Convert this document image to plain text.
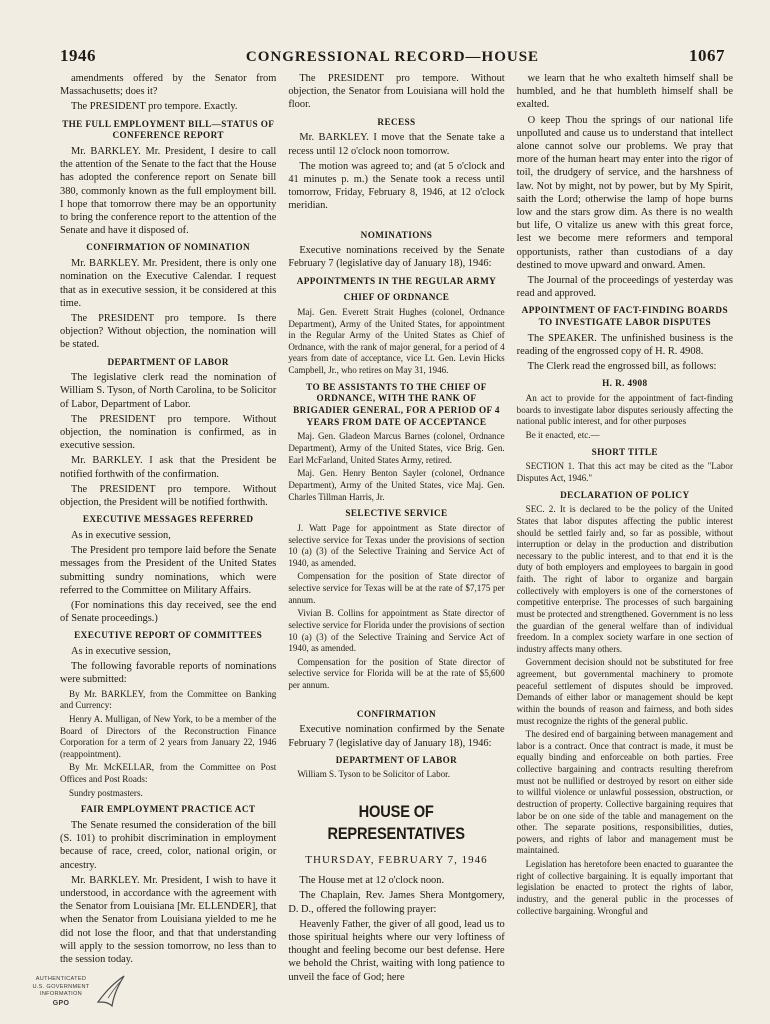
1946	CONGRESSIONAL RECORD—HOUSE	1067

amendments offered by the Senator from Massachusetts; does it?

The PRESIDENT pro tempore. Exactly.

THE FULL EMPLOYMENT BILL—STATUS OF CONFERENCE REPORT

Mr. BARKLEY. Mr. President, I desire to call the attention of the Senate to the fact that the House has adopted the conference report on Senate bill 380, commonly known as the full employment bill. I hope that tomorrow there may be an opportunity to bring the conference report to the attention of the Senate and have it disposed of.

CONFIRMATION OF NOMINATION

Mr. BARKLEY. Mr. President, there is only one nomination on the Executive Calendar. I request that as in executive session, it be considered at this time.

The PRESIDENT pro tempore. Is there objection? Without objection, the nomination will be stated.

DEPARTMENT OF LABOR

The legislative clerk read the nomination of William S. Tyson, of North Carolina, to be Solicitor of Labor, Department of Labor.

The PRESIDENT pro tempore. Without objection, the nomination is confirmed, as in executive session.

Mr. BARKLEY. I ask that the President be notified forthwith of the confirmation.

The PRESIDENT pro tempore. Without objection, the President will be notified forthwith.

EXECUTIVE MESSAGES REFERRED

As in executive session,

The President pro tempore laid before the Senate messages from the President of the United States submitting sundry nominations, which were referred to the Committee on Military Affairs.

(For nominations this day received, see the end of Senate proceedings.)

EXECUTIVE REPORT OF COMMITTEES

As in executive session,

The following favorable reports of nominations were submitted:

By Mr. BARKLEY, from the Committee on Banking and Currency:

Henry A. Mulligan, of New York, to be a member of the Board of Directors of the Reconstruction Finance Corporation for a term of 2 years from January 22, 1946 (reappointment).

By Mr. McKELLAR, from the Committee on Post Offices and Post Roads:

Sundry postmasters.

FAIR EMPLOYMENT PRACTICE ACT

The Senate resumed the consideration of the bill (S. 101) to prohibit discrimination in employment because of race, creed, color, national origin, or ancestry.

Mr. BARKLEY. Mr. President, I wish to have it understood, in accordance with the agreement with the Senator from Louisiana [Mr. ELLENDER], that when the Senator from Louisiana yielded to me he did not lose the floor, and that that understanding will apply to the session tomorrow, no less than to the session today.

The PRESIDENT pro tempore. Without objection, the Senator from Louisiana will hold the floor.

RECESS

Mr. BARKLEY. I move that the Senate take a recess until 12 o'clock noon tomorrow.

The motion was agreed to; and (at 5 o'clock and 41 minutes p. m.) the Senate took a recess until tomorrow, Friday, February 8, 1946, at 12 o'clock meridian.

NOMINATIONS

Executive nominations received by the Senate February 7 (legislative day of January 18), 1946:

APPOINTMENTS IN THE REGULAR ARMY
CHIEF OF ORDNANCE

Maj. Gen. Everett Strait Hughes (colonel, Ordnance Department), Army of the United States, for appointment in the Regular Army of the United States as Chief of Ordnance, with the rank of major general, for a period of 4 years from date of acceptance, vice Lt. Gen. Levin Hicks Campbell, Jr., who retires on May 31, 1946.

TO BE ASSISTANTS TO THE CHIEF OF ORDNANCE, WITH THE RANK OF BRIGADIER GENERAL, FOR A PERIOD OF 4 YEARS FROM DATE OF ACCEPTANCE

Maj. Gen. Gladeon Marcus Barnes (colonel, Ordnance Department), Army of the United States, vice Brig. Gen. Earl McFarland, United States Army, retired.

Maj. Gen. Henry Benton Sayler (colonel, Ordnance Department), Army of the United States, vice Maj. Gen. Charles Tillman Harris, Jr.

SELECTIVE SERVICE

J. Watt Page for appointment as State director of selective service for Texas under the provisions of section 10 (a) (3) of the Selective Training and Service Act of 1940, as amended.

Compensation for the position of State director of selective service for Texas will be at the rate of $7,175 per annum.

Vivian B. Collins for appointment as State director of selective service for Florida under the provisions of section 10 (a) (3) of the Selective Training and Service Act of 1940, as amended.

Compensation for the position of State director of selective service for Florida will be at the rate of $5,600 per annum.

CONFIRMATION

Executive nomination confirmed by the Senate February 7 (legislative day of January 18), 1946:

DEPARTMENT OF LABOR

William S. Tyson to be Solicitor of Labor.

HOUSE OF REPRESENTATIVES
THURSDAY, FEBRUARY 7, 1946

The House met at 12 o'clock noon.

The Chaplain, Rev. James Shera Montgomery, D. D., offered the following prayer:

Heavenly Father, the giver of all good, lead us to those spiritual heights where our very loftiness of thought and feeling become our best defense. Here we behold the Christ, waiting with long patience to unveil the face of God; here

we learn that he who exalteth himself shall be humbled, and he that humbleth himself shall be exalted.

O keep Thou the springs of our national life unpolluted and cause us to understand that intellect alone cannot solve our problems. We pray that more of the human heart may enter into the rigor of toil, the drudgery of service, and the harshness of law. Not by might, not by power, but by My Spirit, saith the Lord; otherwise the lamp of hope burns low and the stars grow dim. As there is no wealth but life, O vitalize us anew with this great force, lest we become mere reformers and temporal opportunists, rather than custodians of a day destined to move upward and onward. Amen.

The Journal of the proceedings of yesterday was read and approved.

APPOINTMENT OF FACT-FINDING BOARDS TO INVESTIGATE LABOR DISPUTES

The SPEAKER. The unfinished business is the reading of the engrossed copy of H. R. 4908.

The Clerk read the engrossed bill, as follows:

H. R. 4908

An act to provide for the appointment of fact-finding boards to investigate labor disputes seriously affecting the national public interest, and for other purposes

Be it enacted, etc.—

SHORT TITLE

SECTION 1. That this act may be cited as the "Labor Disputes Act, 1946."

DECLARATION OF POLICY

SEC. 2. It is declared to be the policy of the United States that labor disputes affecting the public interest should be settled fairly and, so far as possible, without interruption or delay in the production and distribution necessary to the public interest, and to that end it is the duty of both employers and employees to bargain in good faith. The right of labor to organize and bargain collectively with employers is one of the cornerstones of competitive enterprise. The processes of such bargaining must be protected and strengthened. Government is no less the guardian of the general welfare than of individual freedom. In a complex society warfare in one section of industry affects many others.

Government decision should not be substituted for free agreement, but governmental machinery to promote peaceful settlement of disputes should be improved. Demands of either labor or management should be kept within the bounds of reason and fairness, and both sides must recognize the rights of the general public.

The desired end of bargaining between management and labor is a contract. Once that contract is made, it must be equally binding and enforceable on both parties. Free collective bargaining and contracts resulting therefrom must not be nullified or destroyed by resort on either side to willful violence or unlawful possession, obstruction, or destruction of property. Collective bargaining requires that labor be on one side of the table and management on the other. The separate positions, responsibilities, duties, powers, and rights of labor and management must be maintained.

Legislation has heretofore been enacted to guarantee the right of collective bargaining. It is equally important that legislation be enacted to protect the rights of labor, industry, and the general public in the processes of collective bargaining. Wrongful and

AUTHENTICATED
U.S. GOVERNMENT
INFORMATION
GPO
